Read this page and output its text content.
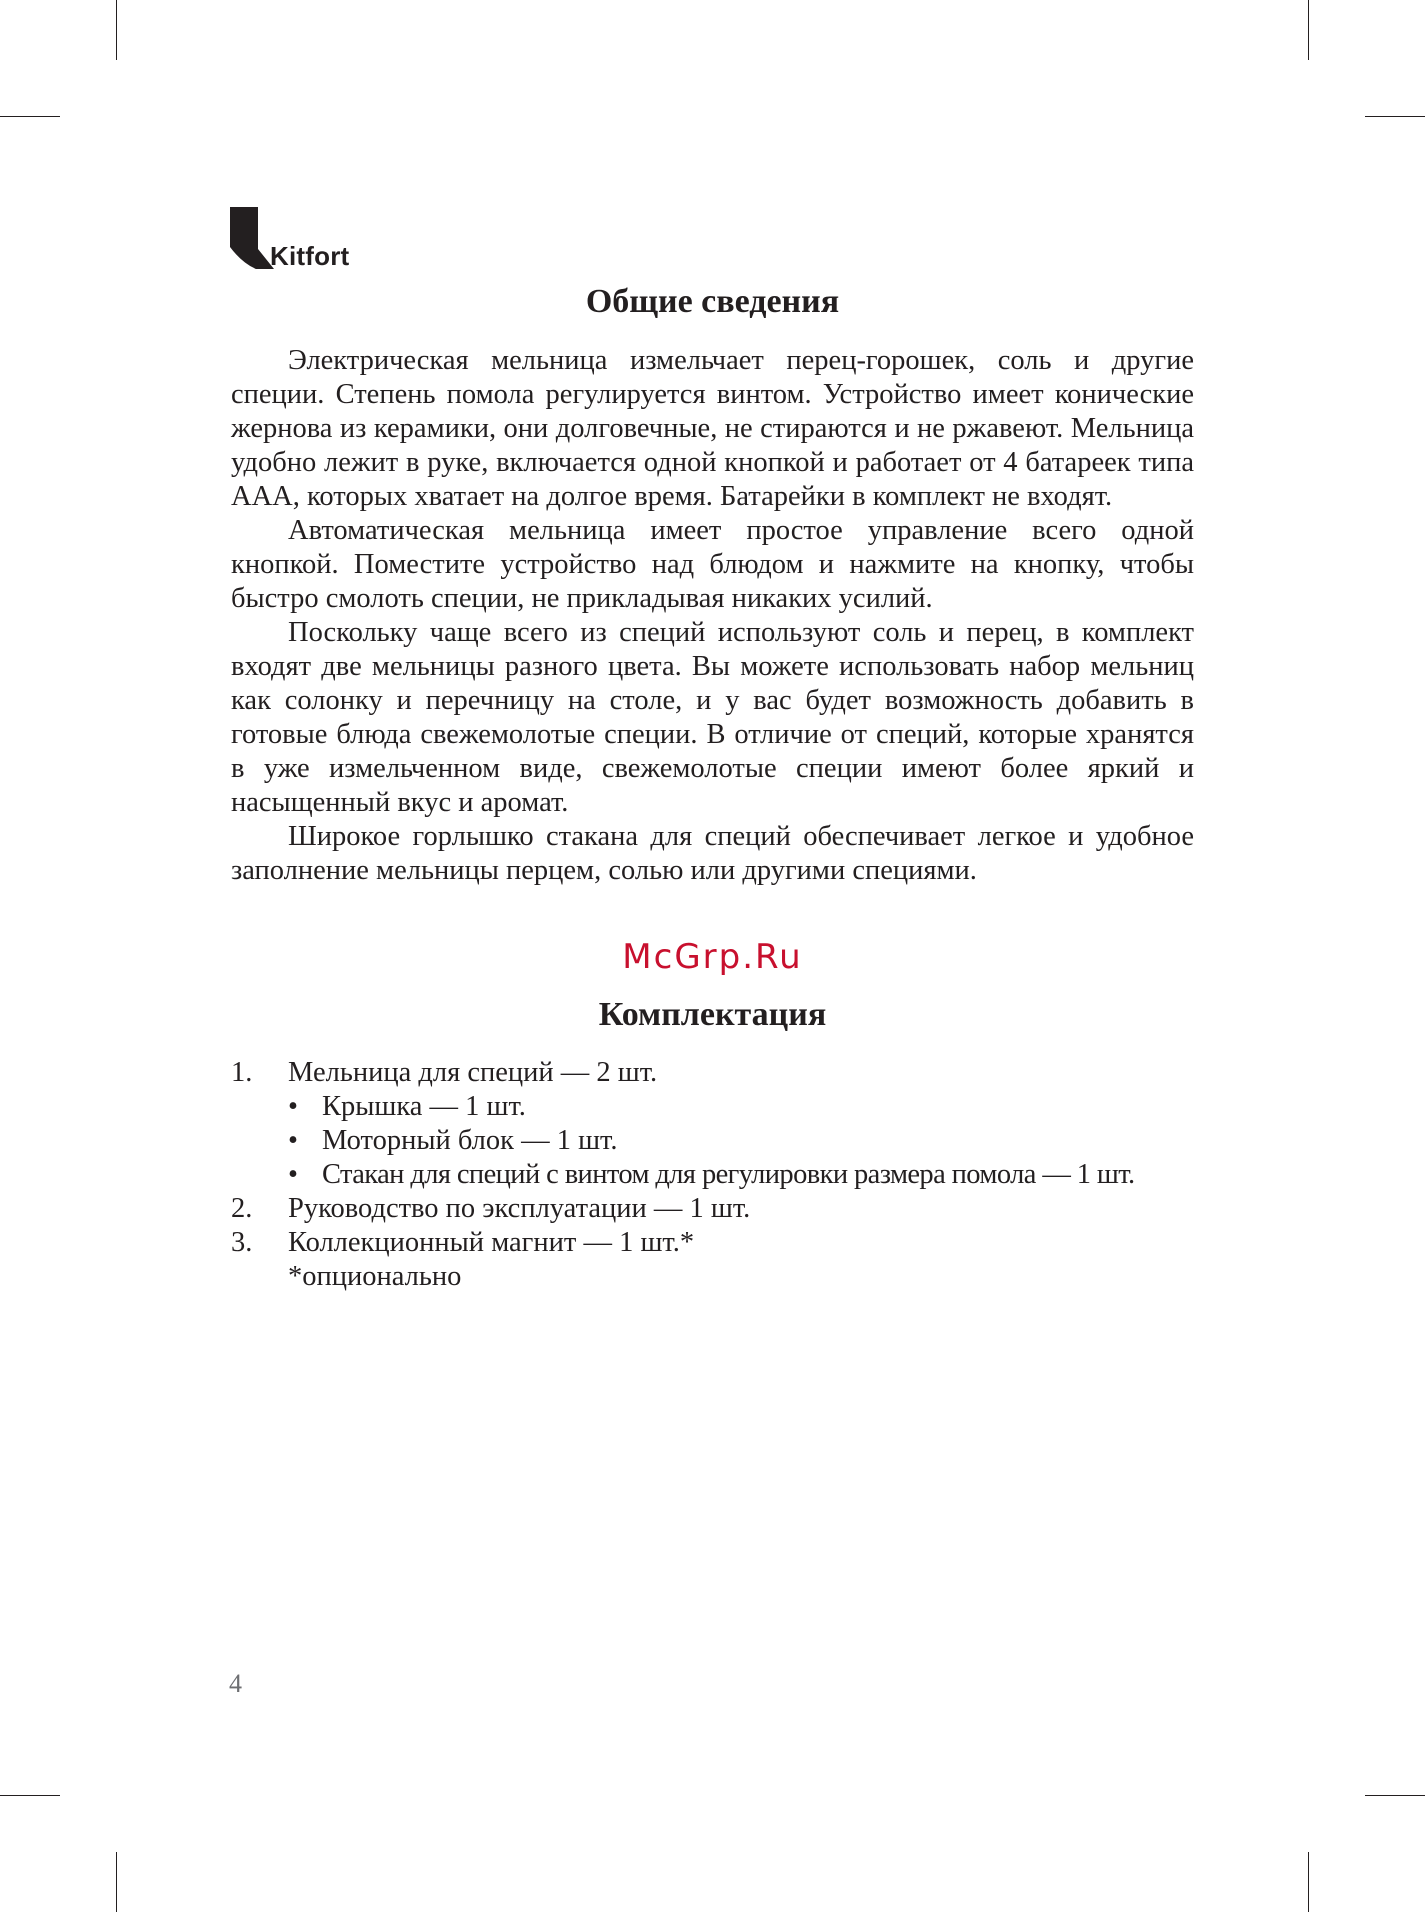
Kitfort
Общие сведения

Электрическая мельница измельчает перец-горошек, соль и другие специи. Степень помола регулируется винтом. Устройство имеет конические жернова из керамики, они долговечные, не стираются и не ржавеют. Мельница удобно лежит в руке, включается одной кнопкой и работает от 4 батареек типа ААА, которых хватает на долгое время. Батарейки в комплект не входят.

Автоматическая мельница имеет простое управление всего одной кнопкой. Поместите устройство над блюдом и нажмите на кнопку, чтобы быстро смолоть специи, не прикладывая никаких усилий.

Поскольку чаще всего из специй используют соль и перец, в комплект входят две мельницы разного цвета. Вы можете использовать набор мельниц как солонку и перечницу на столе, и у вас будет возможность добавить в готовые блюда свежемолотые специи. В отличие от специй, которые хранятся в уже измельченном виде, свежемолотые специи имеют более яркий и насыщенный вкус и аромат.

Широкое горлышко стакана для специй обеспечивает легкое и удобное заполнение мельницы перцем, солью или другими специями.

McGrp.Ru
Комплектация
1. Мельница для специй — 2 шт.
• Крышка — 1 шт.
• Моторный блок — 1 шт.
• Стакан для специй с винтом для регулировки размера помола — 1 шт.
2. Руководство по эксплуатации — 1 шт.
3. Коллекционный магнит — 1 шт.*
*опционально
4
